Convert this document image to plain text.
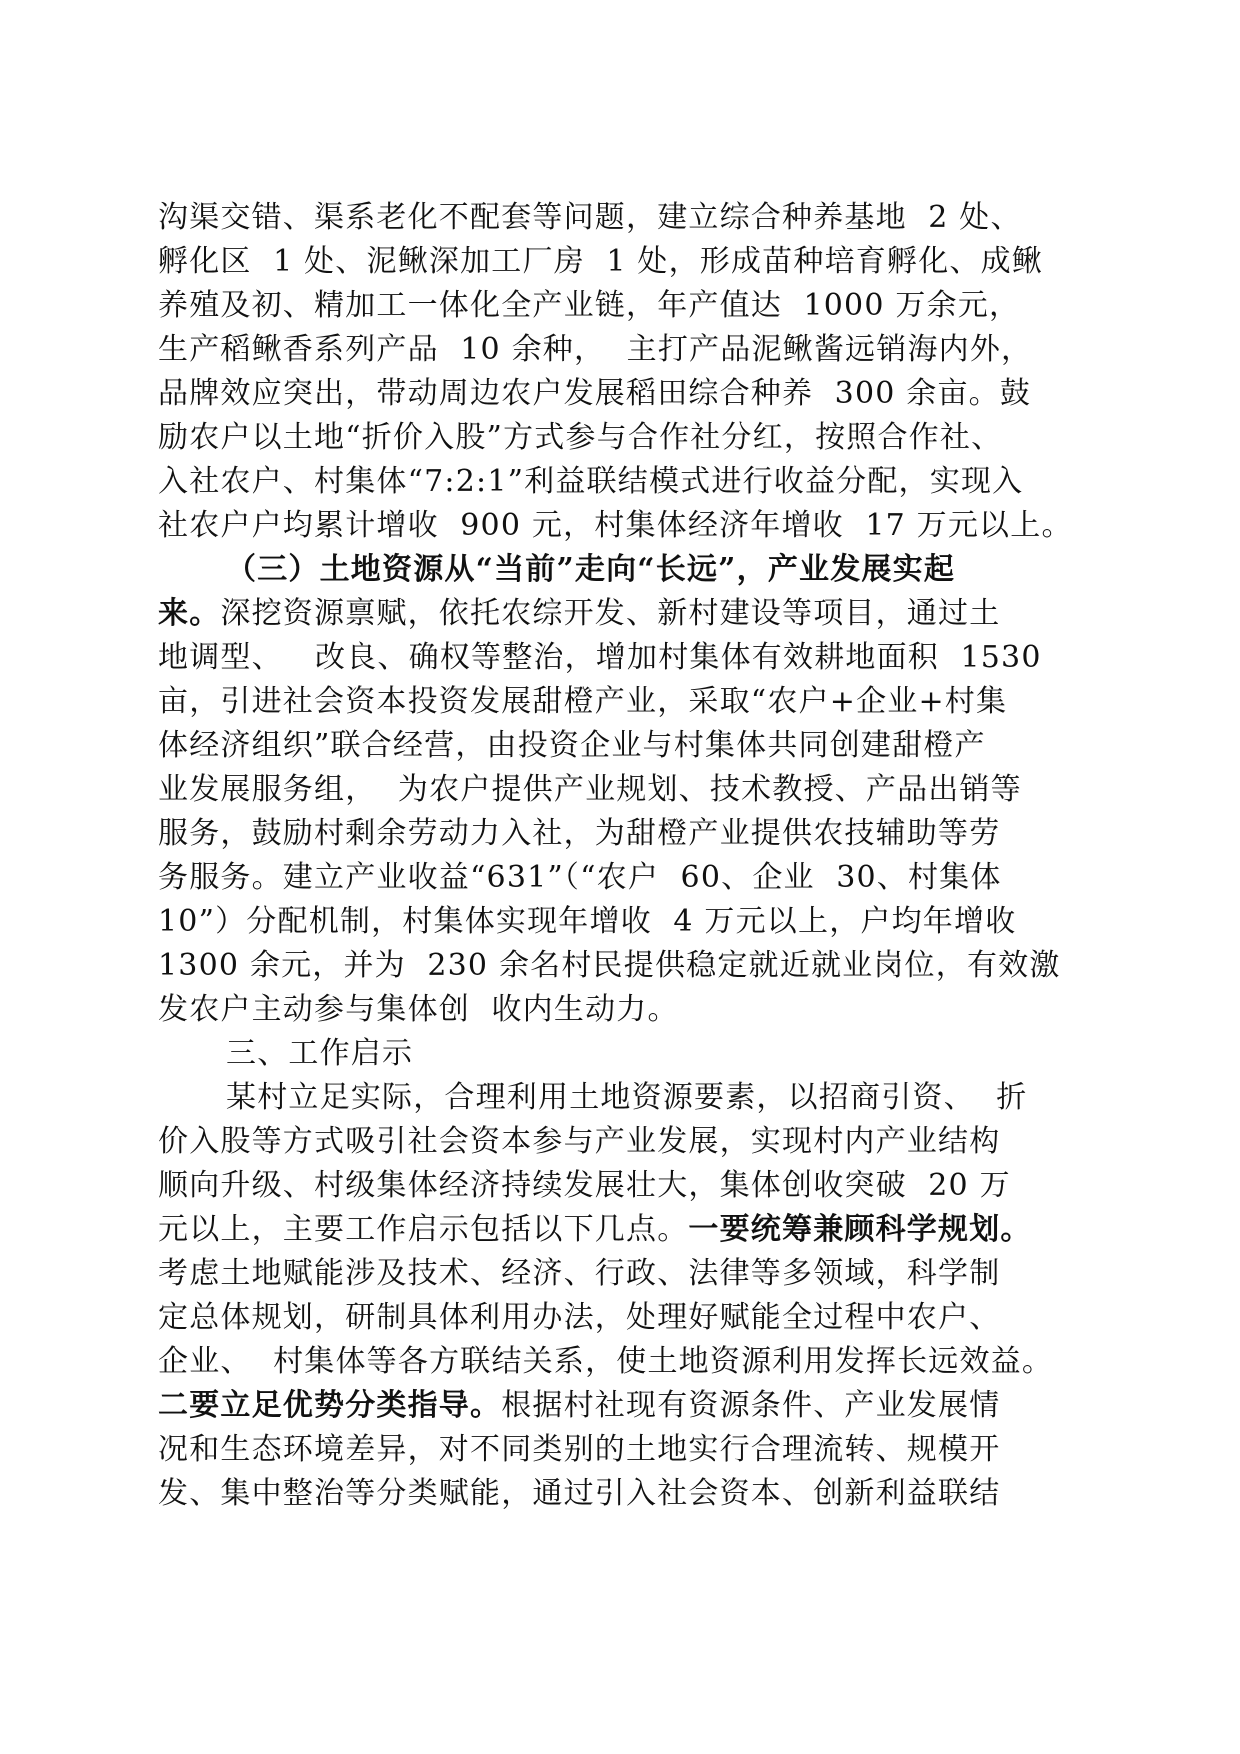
沟渠交错、渠系老化不配套等问题，建立综合种养基地  2 处、
孵化区  1 处、泥鳅深加工厂房  1 处，形成苗种培育孵化、成鳅
养殖及初、精加工一体化全产业链，年产值达  1000 万余元，
生产稻鳅香系列产品  10 余种，  主打产品泥鳅酱远销海内外，
品牌效应突出，带动周边农户发展稻田综合种养  300 余亩。鼓
励农户以土地“折价入股”方式参与合作社分红，按照合作社、
入社农户、村集体“7:2:1”利益联结模式进行收益分配，实现入
社农户户均累计增收  900 元，村集体经济年增收  17 万元以上。
（三）土地资源从“当前”走向“长远”，产业发展实起
来。深挖资源禀赋，依托农综开发、新村建设等项目，通过土
地调型、   改良、确权等整治，增加村集体有效耕地面积  1530
亩，引进社会资本投资发展甜橙产业，采取“农户+企业+村集
体经济组织”联合经营，由投资企业与村集体共同创建甜橙产
业发展服务组，  为农户提供产业规划、技术教授、产品出销等
服务，鼓励村剩余劳动力入社，为甜橙产业提供农技辅助等劳
务服务。建立产业收益“631”（“农户  60、企业  30、村集体
10”）分配机制，村集体实现年增收  4 万元以上，户均年增收
1300 余元，并为  230 余名村民提供稳定就近就业岗位，有效激
发农户主动参与集体创  收内生动力。
三、工作启示
某村立足实际，合理利用土地资源要素，以招商引资、  折
价入股等方式吸引社会资本参与产业发展，实现村内产业结构
顺向升级、村级集体经济持续发展壮大，集体创收突破  20 万
元以上，主要工作启示包括以下几点。一要统筹兼顾科学规划。
考虑土地赋能涉及技术、经济、行政、法律等多领域，科学制
定总体规划，研制具体利用办法，处理好赋能全过程中农户、
企业、  村集体等各方联结关系，使土地资源利用发挥长远效益。
二要立足优势分类指导。根据村社现有资源条件、产业发展情
况和生态环境差异，对不同类别的土地实行合理流转、规模开
发、集中整治等分类赋能，通过引入社会资本、创新利益联结
